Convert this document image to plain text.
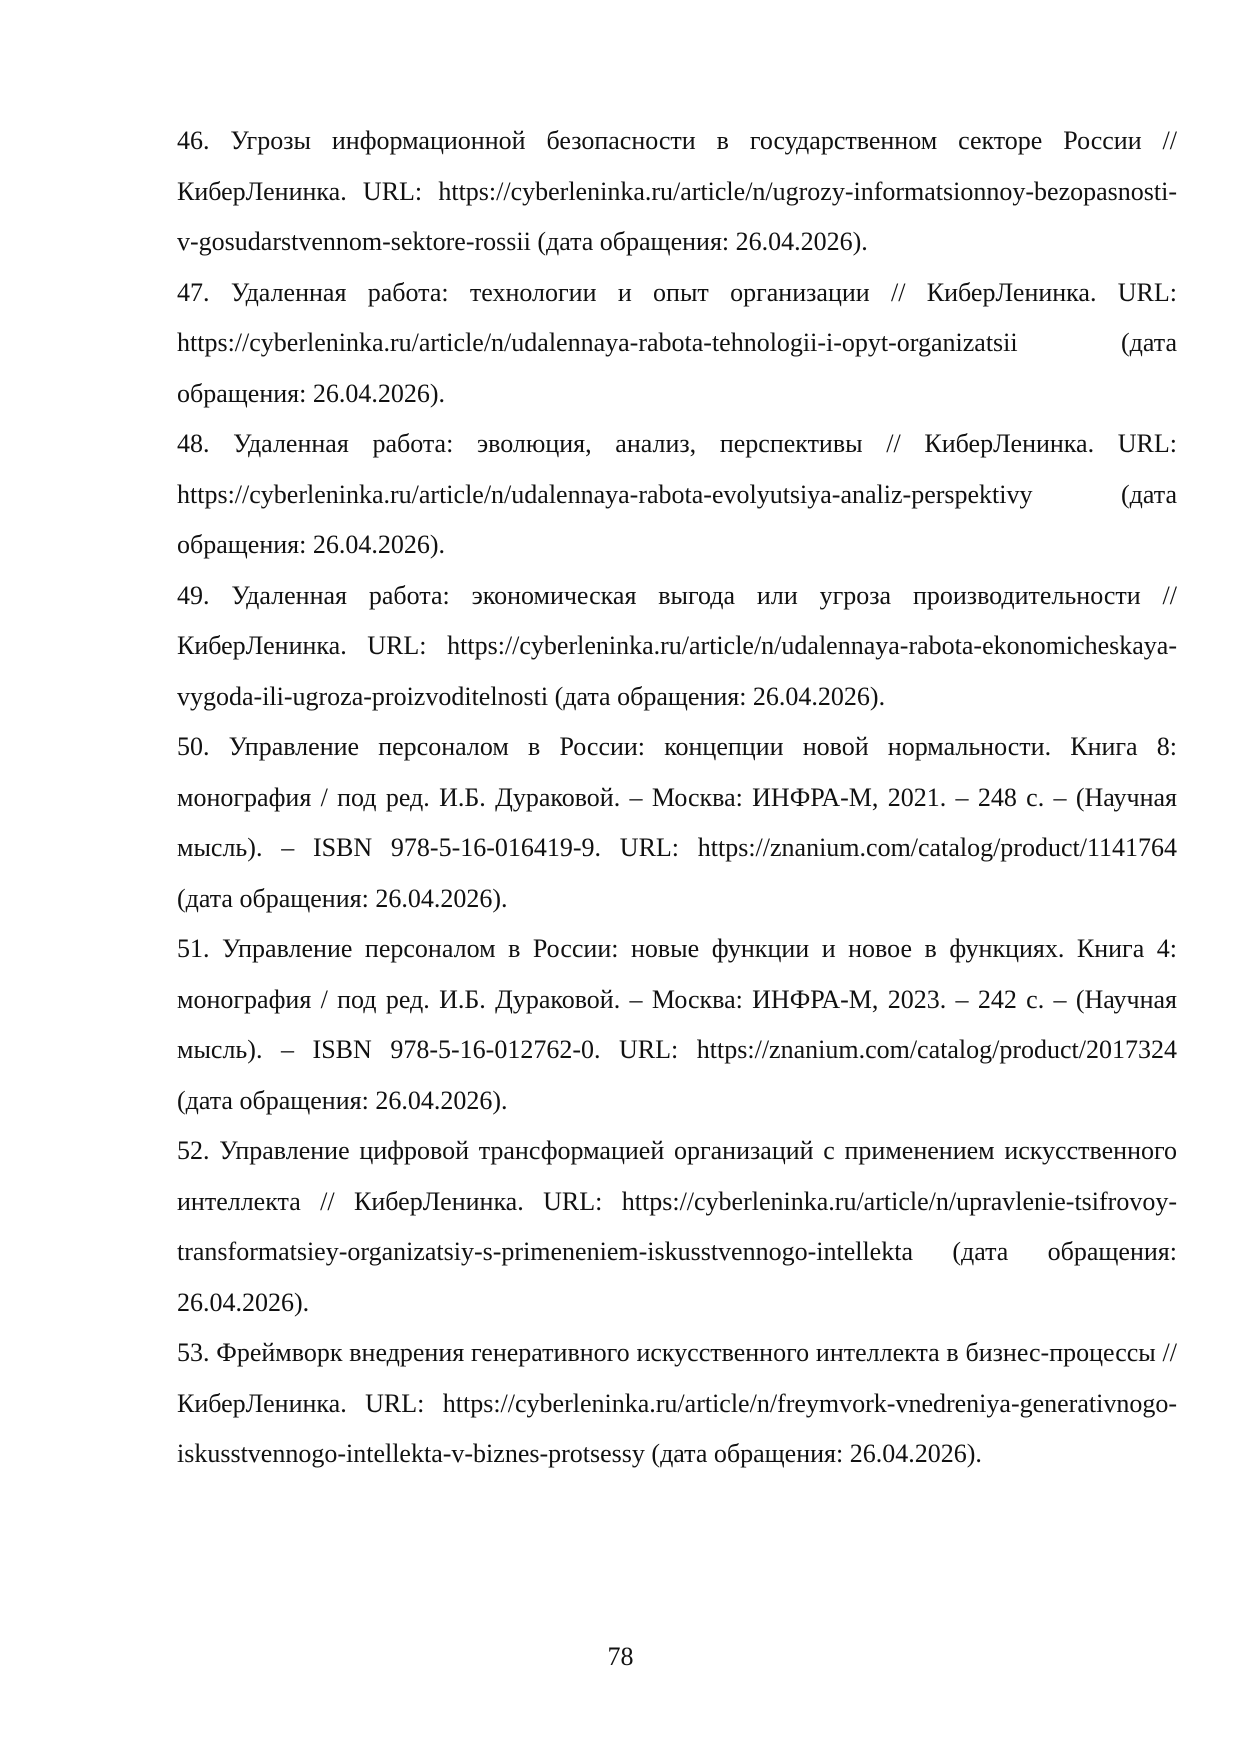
46. Угрозы информационной безопасности в государственном секторе России // КиберЛенинка. URL: https://cyberleninka.ru/article/n/ugrozy-informatsionnoy-bezopasnosti-v-gosudarstvennom-sektore-rossii (дата обращения: 26.04.2026).

47. Удаленная работа: технологии и опыт организации // КиберЛенинка. URL: https://cyberleninka.ru/article/n/udalennaya-rabota-tehnologii-i-opyt-organizatsii (дата обращения: 26.04.2026).

48. Удаленная работа: эволюция, анализ, перспективы // КиберЛенинка. URL: https://cyberleninka.ru/article/n/udalennaya-rabota-evolyutsiya-analiz-perspektivy (дата обращения: 26.04.2026).

49. Удаленная работа: экономическая выгода или угроза производительности // КиберЛенинка. URL: https://cyberleninka.ru/article/n/udalennaya-rabota-ekonomicheskaya-vygoda-ili-ugroza-proizvoditelnosti (дата обращения: 26.04.2026).

50. Управление персоналом в России: концепции новой нормальности. Книга 8: монография / под ред. И.Б. Дураковой. – Москва: ИНФРА-М, 2021. – 248 с. – (Научная мысль). – ISBN 978-5-16-016419-9. URL: https://znanium.com/catalog/product/1141764 (дата обращения: 26.04.2026).

51. Управление персоналом в России: новые функции и новое в функциях. Книга 4: монография / под ред. И.Б. Дураковой. – Москва: ИНФРА-М, 2023. – 242 с. – (Научная мысль). – ISBN 978-5-16-012762-0. URL: https://znanium.com/catalog/product/2017324 (дата обращения: 26.04.2026).

52. Управление цифровой трансформацией организаций с применением искусственного интеллекта // КиберЛенинка. URL: https://cyberleninka.ru/article/n/upravlenie-tsifrovoy-transformatsiey-organizatsiy-s-primeneniem-iskusstvennogo-intellekta (дата обращения: 26.04.2026).

53. Фреймворк внедрения генеративного искусственного интеллекта в бизнес-процессы // КиберЛенинка. URL: https://cyberleninka.ru/article/n/freymvork-vnedreniya-generativnogo-iskusstvennogo-intellekta-v-biznes-protsessy (дата обращения: 26.04.2026).

78
